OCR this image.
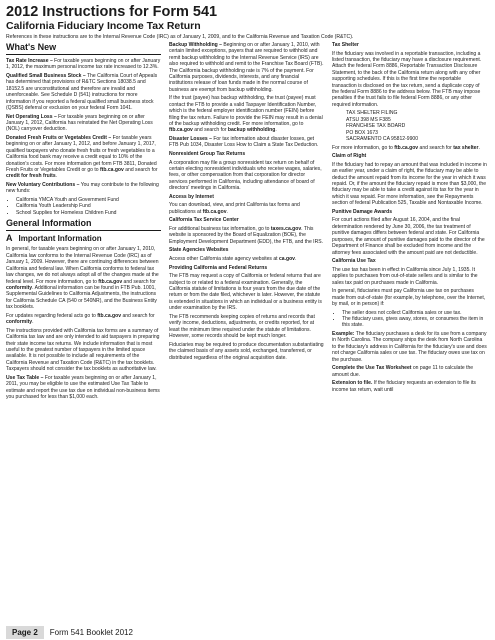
2012 Instructions for Form 541
California Fiduciary Income Tax Return
References in these instructions are to the Internal Revenue Code (IRC) as of January 1, 2009, and to the California Revenue and Taxation Code (R&TC).
What's New

Tax Rate Increase – For taxable years beginning on or after January 1, 2012, the maximum personal income tax rate increased to 12.3%.

Qualified Small Business Stock – The California Court of Appeals has determined that provisions of R&TC Sections 18038.5 and 18152.5 are unconstitutional and therefore are invalid and unenforceable. See Schedule D (541) instructions for more information if you reported a federal qualified small business stock (QSBS) deferral or exclusion on your federal Form 1041.

Net Operating Loss – For taxable years beginning on or after January 1, 2012, California has reinstated the Net Operating Loss (NOL) carryover deduction.

Donated Fresh Fruits or Vegetables Credit – For taxable years beginning on or after January 1, 2012, and before January 1, 2017, qualified taxpayers who donate fresh fruits or fresh vegetables to a California food bank may receive a credit equal to 10% of the donation's costs. For more information get form FTB 3811, Donated Fresh Fruits or Vegetables Credit or go to ftb.ca.gov and search for credit for fresh fruits.

New Voluntary Contributions – You may contribute to the following new funds:

• California YMCA Youth and Government Fund
• California Youth Leadership Fund
• School Supplies for Homeless Children Fund
General Information
A Important Information

In general, for taxable years beginning on or after January 1, 2010, California law conforms to the Internal Revenue Code (IRC) as of January 1, 2009. However, there are continuing differences between California and federal law. When California conforms to federal tax law changes, we do not always adopt all of the changes made at the federal level. For more information, go to ftb.ca.gov and search for conformity. Additional information can be found in FTB Pub. 1001, Supplemental Guidelines to California Adjustments, the instructions for California Schedule CA (540 or 540NR), and the Business Entity tax booklets.

For updates regarding federal acts go to ftb.ca.gov and search for conformity.

The instructions provided with California tax forms are a summary of California tax law and are only intended to aid taxpayers in preparing their state income tax returns. We include information that is most useful to the greatest number of taxpayers in the limited space available. It is not possible to include all requirements of the California Revenue and Taxation Code (R&TC) in the tax booklets. Taxpayers should not consider the tax booklets as authoritative law.

Use Tax Table – For taxable years beginning on or after January 1, 2011, you may be eligible to use the estimated Use Tax Table to estimate and report the use tax due on individual non-business items you purchased for less than $1,000 each.

Backup Withholding – Beginning on or after January 1, 2010, with certain limited exceptions, payers that are required to withhold and remit backup withholding to the Internal Revenue Service (IRS) are also required to withhold and remit to the Franchise Tax Board (FTB). The California backup withholding rate is 7% of the payment. For California purposes, dividends, interests, and any financial institutions release of loan funds made in the normal course of business are exempt from backup withholding.

If the trust (payee) has backup withholding, the trust (payee) must contact the FTB to provide a valid Taxpayer Identification Number, which is the federal employer identification number (FEIN) before filing the tax return. Failure to provide the FEIN may result in a denial of the backup withholding credit. For more information, go to ftb.ca.gov and search for backup withholding.

Disaster Losses – For tax information about disaster losses, get FTB Pub 1034, Disaster Loss How to Claim a State Tax Deduction.

Nonresident Group Tax Returns

A corporation may file a group nonresident tax return on behalf of certain electing nonresident individuals who receive wages, salaries, fees, or other compensation from that corporation for director services performed in California, including attendance of board of directors' meetings in California.

Access by Internet

You can download, view, and print California tax forms and publications at ftb.ca.gov.

California Tax Service Center

For additional business tax information, go to taxes.ca.gov. This website is sponsored by the Board of Equalization (BOE), the Employment Development Department (EDD), the FTB, and the IRS.

State Agencies Websites

Access other California state agency websites at ca.gov.

Providing California and Federal Returns

The FTB may request a copy of California or federal returns that are subject to or related to a federal examination. Generally, the California statute of limitations is four years from the due date of the return or from the date filed, whichever is later. However, the statute is extended in situations in which an individual or a business entity is under examination by the IRS.

The FTB recommends keeping copies of returns and records that verify income, deductions, adjustments, or credits reported, for at least the minimum time required under the statute of limitations. However, some records should be kept much longer.

Fiduciaries may be required to produce documentation substantiating the claimed basis of any assets sold, exchanged, transferred, or distributed regardless of the original acquisition date.

Tax Shelter

If the fiduciary was involved in a reportable transaction, including a listed transaction, the fiduciary may have a disclosure requirement. Attach the federal Form 8886, Reportable Transaction Disclosure Statement, to the back of the California return along with any other supporting schedules. If this is the first time the reportable transaction is disclosed on the tax return, send a duplicate copy of the federal Form 8886 to the address below. The FTB may impose penalties if the trust fails to file federal Form 8886, or any other required information.

TAX SHELTER FILING
ATSU 398 MS F385
FRANCHISE TAX BOARD
PO BOX 1673
SACRAMENTO CA 95812-9900

For more information, go to ftb.ca.gov and search for tax shelter.

Claim of Right

If the fiduciary had to repay an amount that was included in income in an earlier year, under a claim of right, the fiduciary may be able to deduct the amount repaid from its income for the year in which it was repaid. Or, if the amount the fiduciary repaid is more than $3,000, the fiduciary may be able to take a credit against its tax for the year in which it was repaid. For more information, see the Repayments section of federal Publication 525, Taxable and Nontaxable Income.

Punitive Damage Awards

For court actions filed after August 16, 2004, and the final determination rendered by June 30, 2006, the tax treatment of punitive damages differs between federal and state. For California purposes, the amount of punitive damages paid to the director of the Department of Finance shall be excluded from income and the attorney fees associated with the amount paid are not deductible.

California Use Tax

The use tax has been in effect in California since July 1, 1935. It applies to purchases from out-of-state sellers and is similar to the sales tax paid on purchases made in California.

In general, fiduciaries must pay California use tax on purchases made from out-of-state (for example, by telephone, over the Internet, by mail, or in person) if:

• The seller does not collect California sales or use tax.
• The fiduciary uses, gives away, stores, or consumes the item in this state.

Example: The fiduciary purchases a desk for its use from a company in North Carolina. The company ships the desk from North Carolina to the fiduciary's address in California for the fiduciary's use and does not charge California sales or use tax. The fiduciary owes use tax on the purchase.

Complete the Use Tax Worksheet on page 11 to calculate the amount due.

Extension to file. If the fiduciary requests an extension to file its income tax return, wait until

Page 2	Form 541 Booklet 2012
